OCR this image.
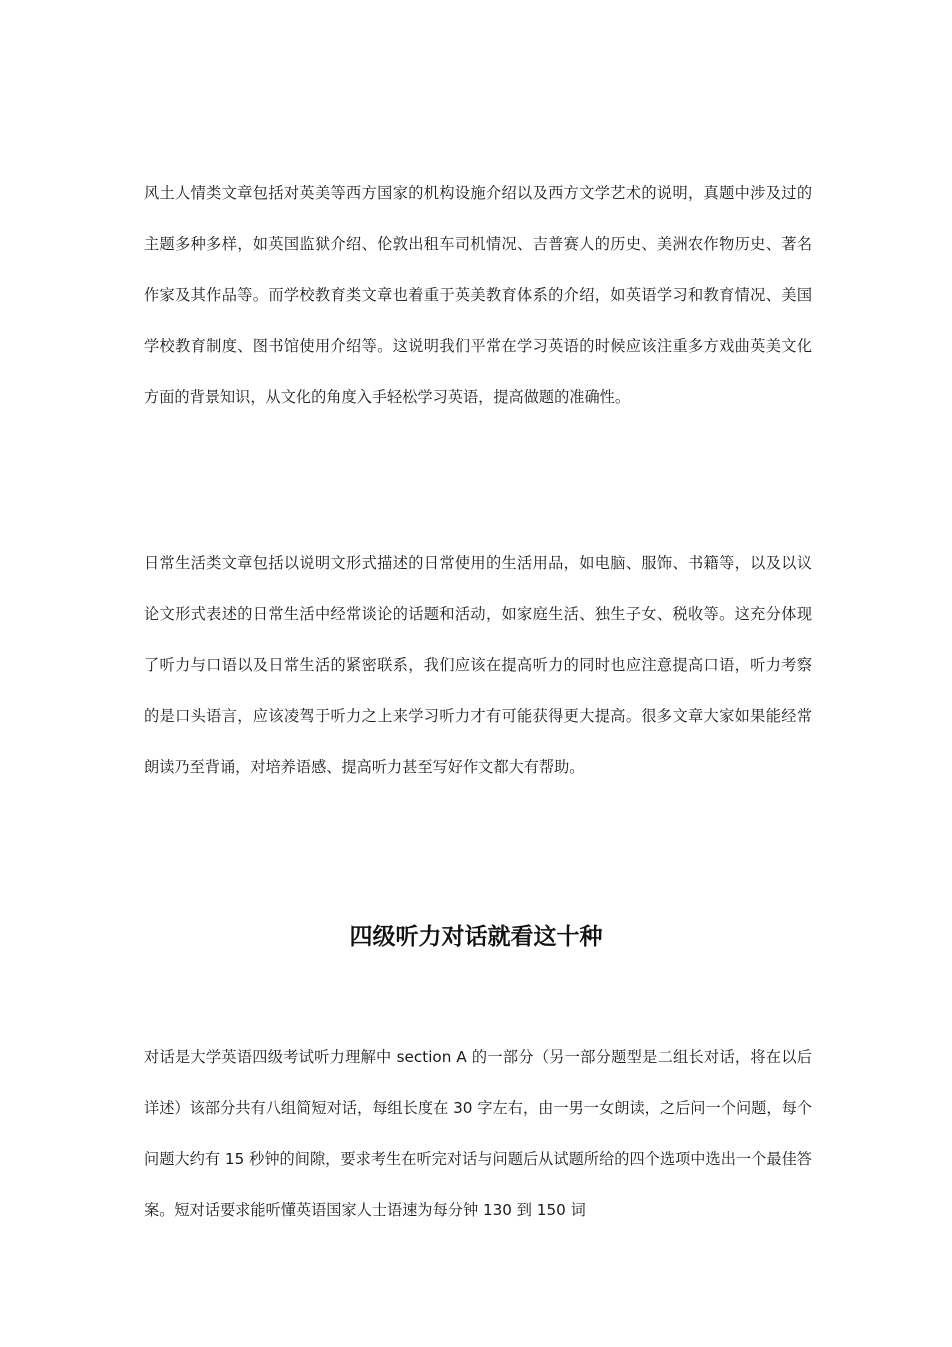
风土人情类文章包括对英美等西方国家的机构设施介绍以及西方文学艺术的说明，真题中涉及过的主题多种多样，如英国监狱介绍、伦敦出租车司机情况、吉普赛人的历史、美洲农作物历史、著名作家及其作品等。而学校教育类文章也着重于英美教育体系的介绍，如英语学习和教育情况、美国学校教育制度、图书馆使用介绍等。这说明我们平常在学习英语的时候应该注重多方戏曲英美文化方面的背景知识，从文化的角度入手轻松学习英语，提高做题的准确性。

日常生活类文章包括以说明文形式描述的日常使用的生活用品，如电脑、服饰、书籍等，以及以议论文形式表述的日常生活中经常谈论的话题和活动，如家庭生活、独生子女、税收等。这充分体现了听力与口语以及日常生活的紧密联系，我们应该在提高听力的同时也应注意提高口语，听力考察的是口头语言，应该凌驾于听力之上来学习听力才有可能获得更大提高。很多文章大家如果能经常朗读乃至背诵，对培养语感、提高听力甚至写好作文都大有帮助。

四级听力对话就看这十种

对话是大学英语四级考试听力理解中 section A 的一部分（另一部分题型是二组长对话，将在以后详述）该部分共有八组简短对话，每组长度在 30 字左右，由一男一女朗读，之后问一个问题，每个问题大约有 15 秒钟的间隙，要求考生在听完对话与问题后从试题所给的四个选项中选出一个最佳答案。短对话要求能听懂英语国家人士语速为每分钟 130 到 150 词
